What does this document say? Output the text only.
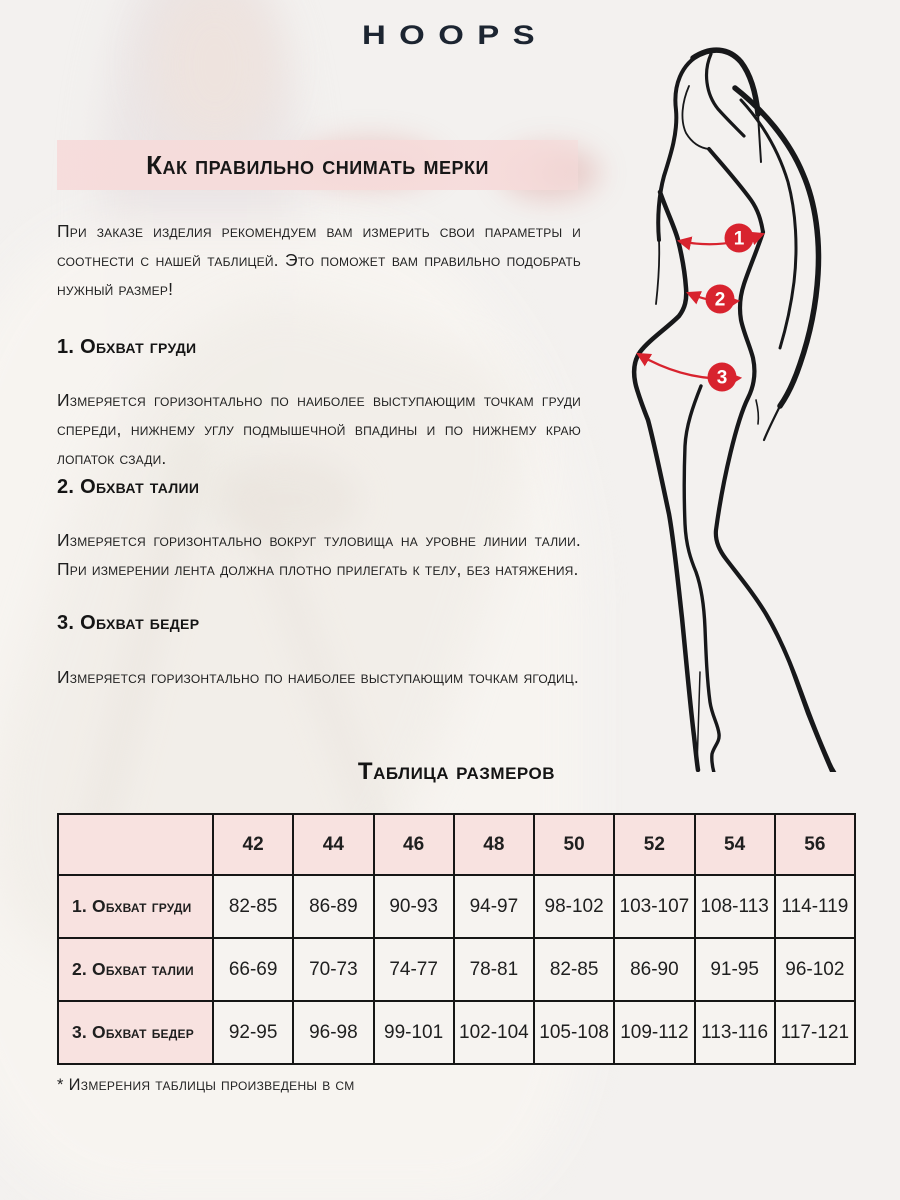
HOOPS
Как правильно снимать мерки

При заказе изделия рекомендуем вам измерить свои параметры и соотнести с нашей таблицей. Это поможет вам правильно подобрать нужный размер!

1. Обхват груди

Измеряется горизонтально по наиболее выступающим точкам груди спереди, нижнему углу подмышечной впадины и по нижнему краю лопаток сзади.

2. Обхват талии

Измеряется горизонтально вокруг туловища на уровне линии талии. При измерении лента должна плотно прилегать к телу, без натяжения.

3. Обхват бедер

Измеряется горизонтально по наиболее выступающим точкам ягодиц.

1
2
3
Таблица размеров
	42	44	46	48	50	52	54	56
1. Обхват груди	82-85	86-89	90-93	94-97	98-102	103-107	108-113	114-119
2. Обхват талии	66-69	70-73	74-77	78-81	82-85	86-90	91-95	96-102
3. Обхват бедер	92-95	96-98	99-101	102-104	105-108	109-112	113-116	117-121
* Измерения таблицы произведены в см
